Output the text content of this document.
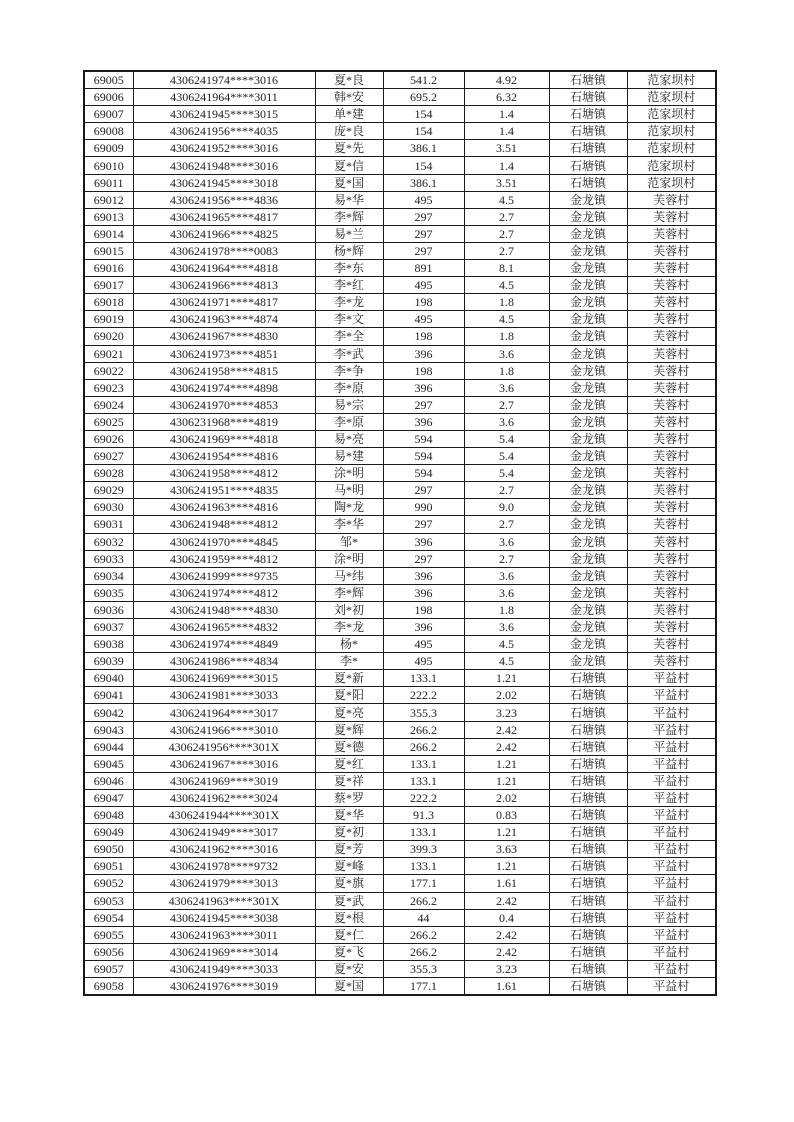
69005	4306241974****3016	夏*良	541.2	4.92	石塘镇	范家坝村
69006	4306241964****3011	韩*安	695.2	6.32	石塘镇	范家坝村
69007	4306241945****3015	单*建	154	1.4	石塘镇	范家坝村
69008	4306241956****4035	庞*良	154	1.4	石塘镇	范家坝村
69009	4306241952****3016	夏*先	386.1	3.51	石塘镇	范家坝村
69010	4306241948****3016	夏*信	154	1.4	石塘镇	范家坝村
69011	4306241945****3018	夏*国	386.1	3.51	石塘镇	范家坝村
69012	4306241956****4836	易*华	495	4.5	金龙镇	芙蓉村
69013	4306241965****4817	李*辉	297	2.7	金龙镇	芙蓉村
69014	4306241966****4825	易*兰	297	2.7	金龙镇	芙蓉村
69015	4306241978****0083	杨*辉	297	2.7	金龙镇	芙蓉村
69016	4306241964****4818	李*东	891	8.1	金龙镇	芙蓉村
69017	4306241966****4813	李*红	495	4.5	金龙镇	芙蓉村
69018	4306241971****4817	李*龙	198	1.8	金龙镇	芙蓉村
69019	4306241963****4874	李*文	495	4.5	金龙镇	芙蓉村
69020	4306241967****4830	李*全	198	1.8	金龙镇	芙蓉村
69021	4306241973****4851	李*武	396	3.6	金龙镇	芙蓉村
69022	4306241958****4815	李*争	198	1.8	金龙镇	芙蓉村
69023	4306241974****4898	李*原	396	3.6	金龙镇	芙蓉村
69024	4306241970****4853	易*宗	297	2.7	金龙镇	芙蓉村
69025	4306231968****4819	李*原	396	3.6	金龙镇	芙蓉村
69026	4306241969****4818	易*亮	594	5.4	金龙镇	芙蓉村
69027	4306241954****4816	易*建	594	5.4	金龙镇	芙蓉村
69028	4306241958****4812	涂*明	594	5.4	金龙镇	芙蓉村
69029	4306241951****4835	马*明	297	2.7	金龙镇	芙蓉村
69030	4306241963****4816	陶*龙	990	9.0	金龙镇	芙蓉村
69031	4306241948****4812	李*华	297	2.7	金龙镇	芙蓉村
69032	4306241970****4845	邹*	396	3.6	金龙镇	芙蓉村
69033	4306241959****4812	涂*明	297	2.7	金龙镇	芙蓉村
69034	4306241999****9735	马*纬	396	3.6	金龙镇	芙蓉村
69035	4306241974****4812	李*辉	396	3.6	金龙镇	芙蓉村
69036	4306241948****4830	刘*初	198	1.8	金龙镇	芙蓉村
69037	4306241965****4832	李*龙	396	3.6	金龙镇	芙蓉村
69038	4306241974****4849	杨*	495	4.5	金龙镇	芙蓉村
69039	4306241986****4834	李*	495	4.5	金龙镇	芙蓉村
69040	4306241969****3015	夏*新	133.1	1.21	石塘镇	平益村
69041	4306241981****3033	夏*阳	222.2	2.02	石塘镇	平益村
69042	4306241964****3017	夏*亮	355.3	3.23	石塘镇	平益村
69043	4306241966****3010	夏*辉	266.2	2.42	石塘镇	平益村
69044	4306241956****301X	夏*德	266.2	2.42	石塘镇	平益村
69045	4306241967****3016	夏*红	133.1	1.21	石塘镇	平益村
69046	4306241969****3019	夏*祥	133.1	1.21	石塘镇	平益村
69047	4306241962****3024	蔡*罗	222.2	2.02	石塘镇	平益村
69048	4306241944****301X	夏*华	91.3	0.83	石塘镇	平益村
69049	4306241949****3017	夏*初	133.1	1.21	石塘镇	平益村
69050	4306241962****3016	夏*芳	399.3	3.63	石塘镇	平益村
69051	4306241978****9732	夏*峰	133.1	1.21	石塘镇	平益村
69052	4306241979****3013	夏*旗	177.1	1.61	石塘镇	平益村
69053	4306241963****301X	夏*武	266.2	2.42	石塘镇	平益村
69054	4306241945****3038	夏*根	44	0.4	石塘镇	平益村
69055	4306241963****3011	夏*仁	266.2	2.42	石塘镇	平益村
69056	4306241969****3014	夏*飞	266.2	2.42	石塘镇	平益村
69057	4306241949****3033	夏*安	355.3	3.23	石塘镇	平益村
69058	4306241976****3019	夏*国	177.1	1.61	石塘镇	平益村
